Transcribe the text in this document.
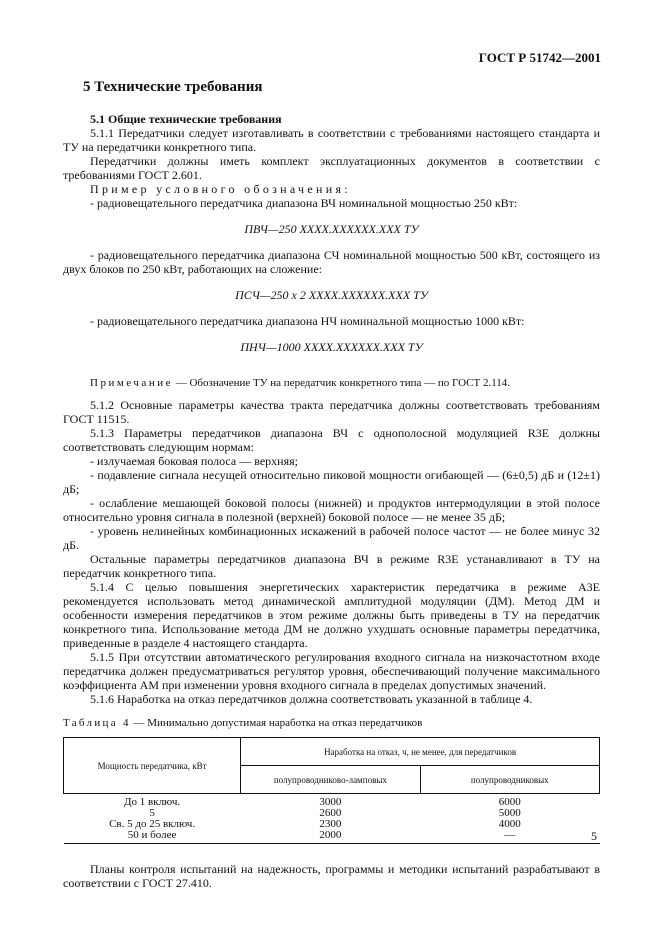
ГОСТ Р 51742—2001
5 Технические требования
5.1 Общие технические требования

5.1.1 Передатчики следует изготавливать в соответствии с требованиями настоящего стандарта и ТУ на передатчики конкретного типа.

Передатчики должны иметь комплект эксплуатационных документов в соответствии с требованиями ГОСТ 2.601.

Пример условного обозначения:

- радиовещательного передатчика диапазона ВЧ номинальной мощностью 250 кВт:

ПВЧ—250 ХХХХ.ХХХХХХ.ХХХ ТУ

- радиовещательного передатчика диапазона СЧ номинальной мощностью 500 кВт, состоящего из двух блоков по 250 кВт, работающих на сложение:

ПСЧ—250 х 2 ХХХХ.ХХХХХХ.ХХХ ТУ

- радиовещательного передатчика диапазона НЧ номинальной мощностью 1000 кВт:

ПНЧ—1000 ХХХХ.ХХХХХХ.ХХХ ТУ

Примечание — Обозначение ТУ на передатчик конкретного типа — по ГОСТ 2.114.

5.1.2 Основные параметры качества тракта передатчика должны соответствовать требованиям ГОСТ 11515.

5.1.3 Параметры передатчиков диапазона ВЧ с однополосной модуляцией R3E должны соответствовать следующим нормам:

- излучаемая боковая полоса — верхняя;

- подавление сигнала несущей относительно пиковой мощности огибающей — (6±0,5) дБ и (12±1) дБ;

- ослабление мешающей боковой полосы (нижней) и продуктов интермодуляции в этой полосе относительно уровня сигнала в полезной (верхней) боковой полосе — не менее 35 дБ;

- уровень нелинейных комбинационных искажений в рабочей полосе частот — не более минус 32 дБ.

Остальные параметры передатчиков диапазона ВЧ в режиме R3E устанавливают в ТУ на передатчик конкретного типа.

5.1.4 С целью повышения энергетических характеристик передатчика в режиме А3Е рекомендуется использовать метод динамической амплитудной модуляции (ДМ). Метод ДМ и особенности измерения передатчиков в этом режиме должны быть приведены в ТУ на передатчик конкретного типа. Использование метода ДМ не должно ухудшать основные параметры передатчика, приведенные в разделе 4 настоящего стандарта.

5.1.5 При отсутствии автоматического регулирования входного сигнала на низкочастотном входе передатчика должен предусматриваться регулятор уровня, обеспечивающий получение максимального коэффициента АМ при изменении уровня входного сигнала в пределах допустимых значений.

5.1.6 Наработка на отказ передатчиков должна соответствовать указанной в таблице 4.

Таблица 4 — Минимально допустимая наработка на отказ передатчиков

Мощность передатчика, кВт	Наработка на отказ, ч, не менее, для передатчиков	
	полупроводниково-ламповых	полупроводниковых
До 1 включ.	3000	6000
5	2600	5000
Св. 5 до 25 включ.	2300	4000
50 и более	2000	—

Планы контроля испытаний на надежность, программы и методики испытаний разрабатывают в соответствии с ГОСТ 27.410.

5
